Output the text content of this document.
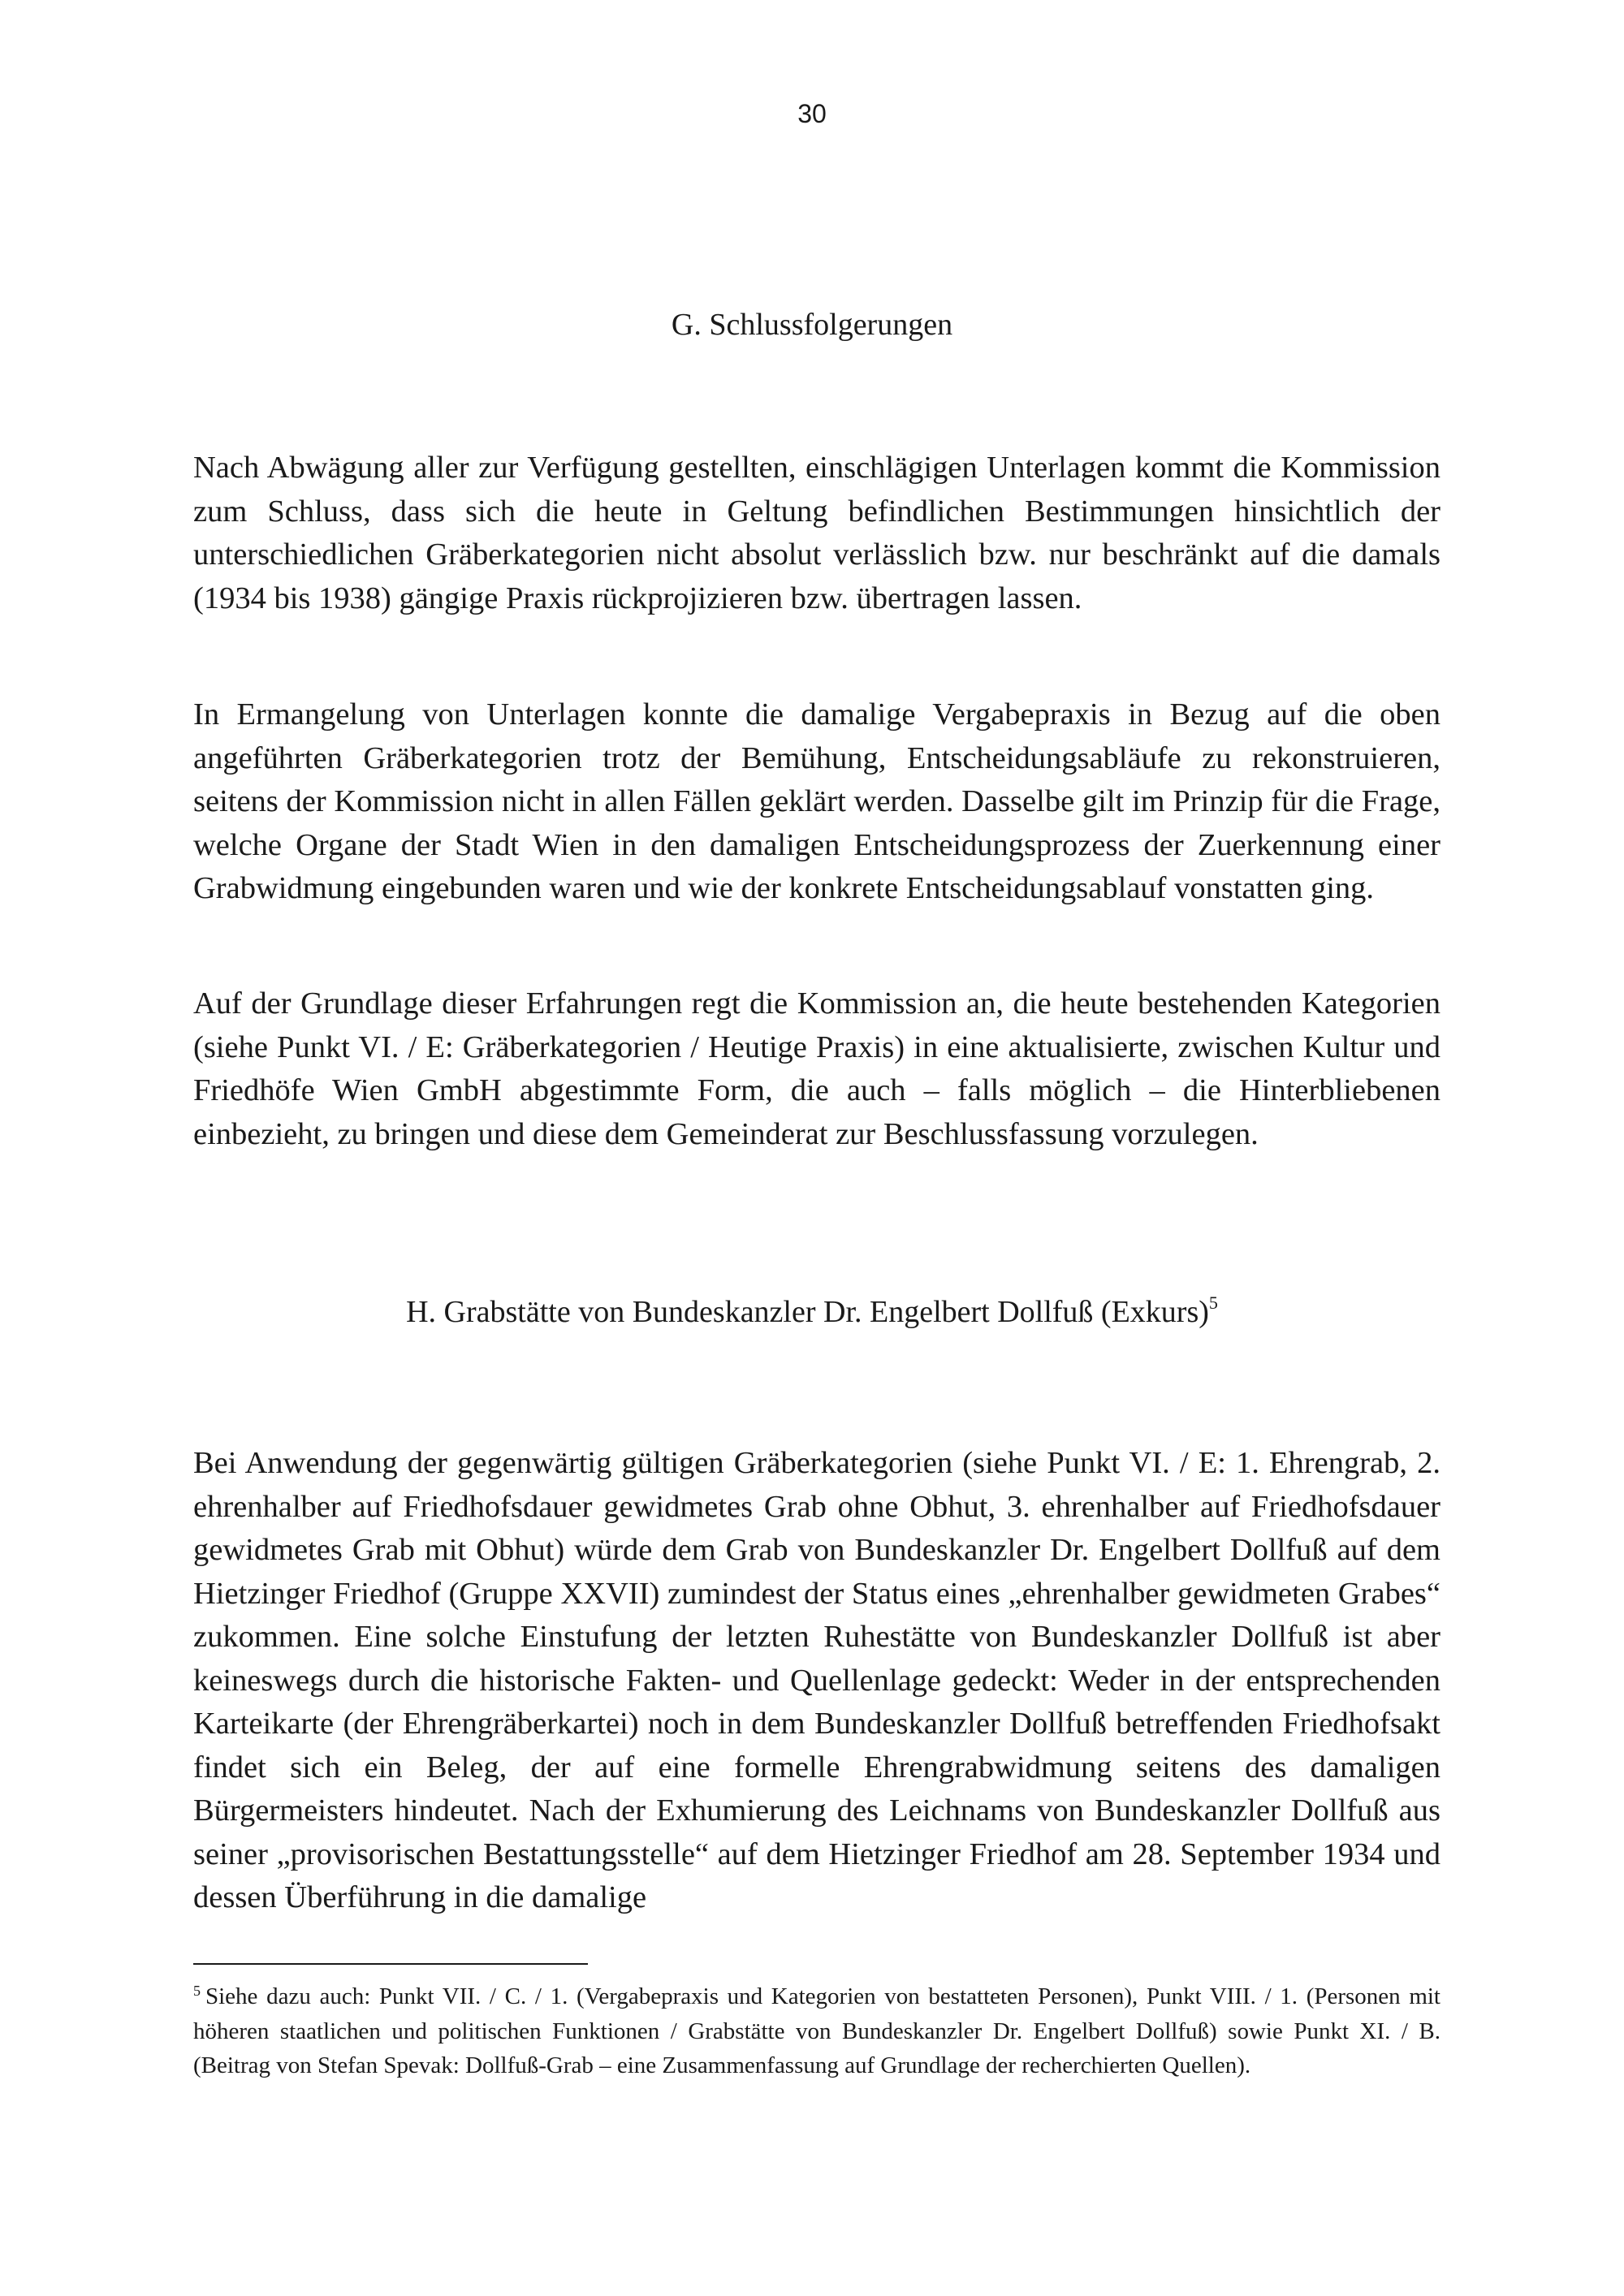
30
G. Schlussfolgerungen

Nach Abwägung aller zur Verfügung gestellten, einschlägigen Unterlagen kommt die Kommission zum Schluss, dass sich die heute in Geltung befindlichen Bestimmungen hinsichtlich der unterschiedlichen Gräberkategorien nicht absolut verlässlich bzw. nur beschränkt auf die damals (1934 bis 1938) gängige Praxis rückprojizieren bzw. übertragen lassen.

In Ermangelung von Unterlagen konnte die damalige Vergabepraxis in Bezug auf die oben angeführten Gräberkategorien trotz der Bemühung, Entscheidungsabläufe zu rekonstruieren, seitens der Kommission nicht in allen Fällen geklärt werden. Dasselbe gilt im Prinzip für die Frage, welche Organe der Stadt Wien in den damaligen Entscheidungsprozess der Zuerkennung einer Grabwidmung eingebunden waren und wie der konkrete Entscheidungsablauf vonstatten ging.

Auf der Grundlage dieser Erfahrungen regt die Kommission an, die heute bestehenden Kategorien (siehe Punkt VI. / E: Gräberkategorien / Heutige Praxis) in eine aktualisierte, zwischen Kultur und Friedhöfe Wien GmbH abgestimmte Form, die auch – falls möglich – die Hinterbliebenen einbezieht, zu bringen und diese dem Gemeinderat zur Beschlussfassung vorzulegen.

H. Grabstätte von Bundeskanzler Dr. Engelbert Dollfuß (Exkurs)$^5$

Bei Anwendung der gegenwärtig gültigen Gräberkategorien (siehe Punkt VI. / E: 1. Ehrengrab, 2. ehrenhalber auf Friedhofsdauer gewidmetes Grab ohne Obhut, 3. ehrenhalber auf Friedhofsdauer gewidmetes Grab mit Obhut) würde dem Grab von Bundeskanzler Dr. Engelbert Dollfuß auf dem Hietzinger Friedhof (Gruppe XXVII) zumindest der Status eines „ehrenhalber gewidmeten Grabes“ zukommen. Eine solche Einstufung der letzten Ruhestätte von Bundeskanzler Dollfuß ist aber keineswegs durch die historische Fakten- und Quellenlage gedeckt: Weder in der entsprechenden Karteikarte (der Ehrengräberkartei) noch in dem Bundeskanzler Dollfuß betreffenden Friedhofsakt findet sich ein Beleg, der auf eine formelle Ehrengrabwidmung seitens des damaligen Bürgermeisters hindeutet. Nach der Exhumierung des Leichnams von Bundeskanzler Dollfuß aus seiner „provisorischen Bestattungsstelle“ auf dem Hietzinger Friedhof am 28. September 1934 und dessen Überführung in die damalige

$^5$ Siehe dazu auch: Punkt VII. / C. / 1. (Vergabepraxis und Kategorien von bestatteten Personen), Punkt VIII. / 1. (Personen mit höheren staatlichen und politischen Funktionen / Grabstätte von Bundeskanzler Dr. Engelbert Dollfuß) sowie Punkt XI. / B. (Beitrag von Stefan Spevak: Dollfuß-Grab – eine Zusammenfassung auf Grundlage der recherchierten Quellen).
